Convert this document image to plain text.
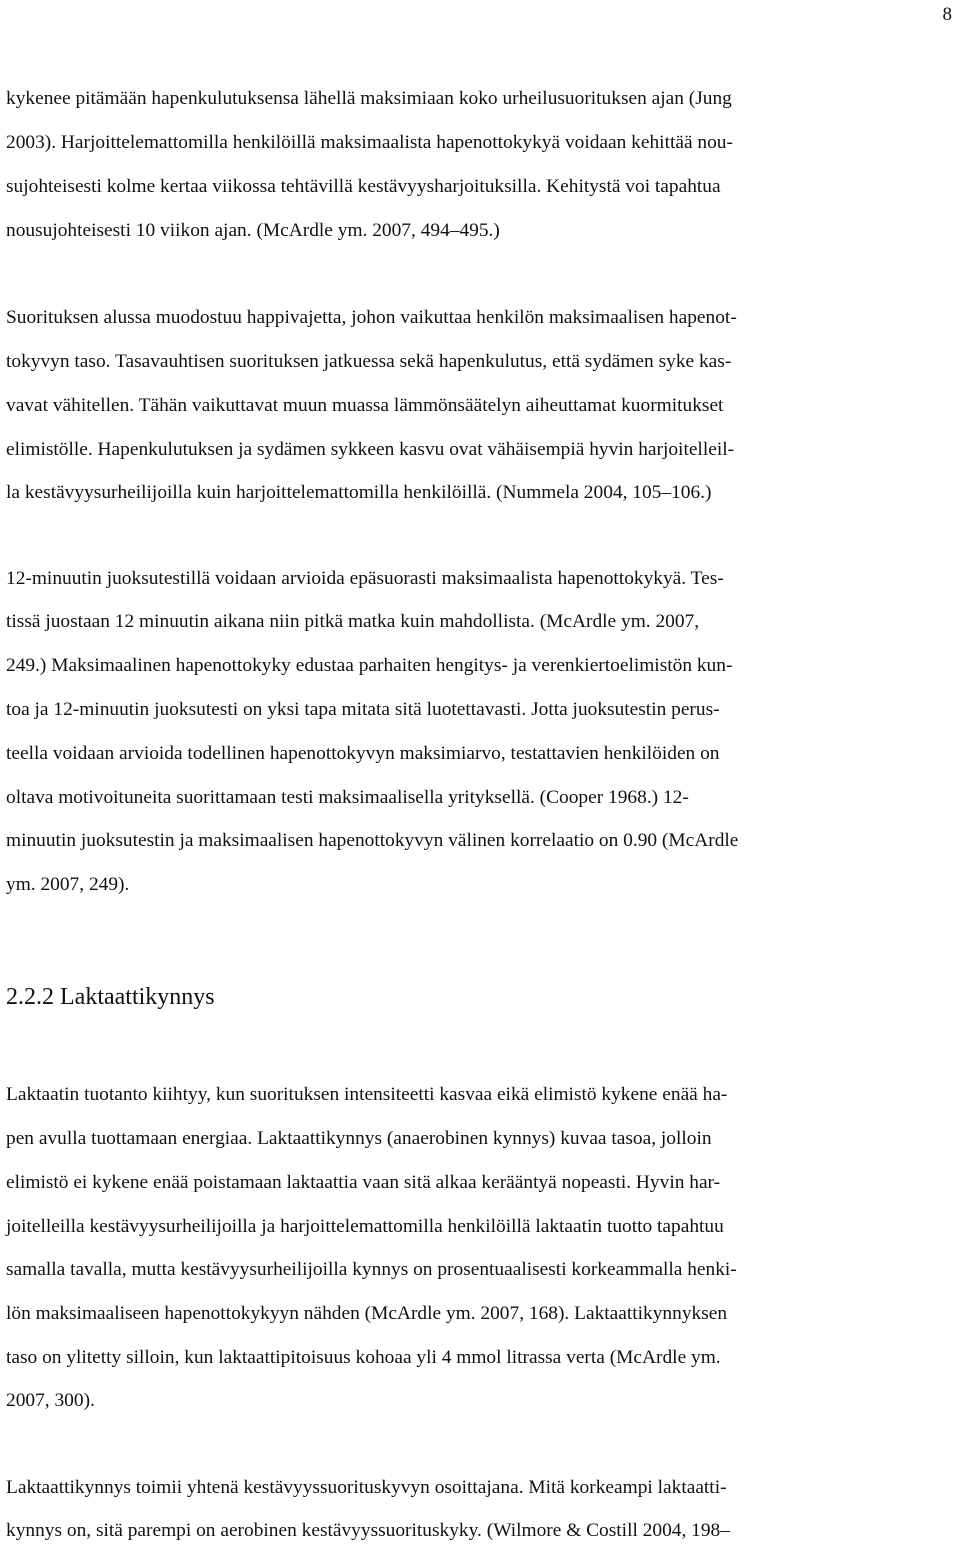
8
kykenee pitämään hapenkulutuksensa lähellä maksimiaan koko urheilusuorituksen ajan (Jung
2003). Harjoittelemattomilla henkilöillä maksimaalista hapenottokykyä voidaan kehittää nou-
sujohteisesti kolme kertaa viikossa tehtävillä kestävyysharjoituksilla. Kehitystä voi tapahtua
nousujohteisesti 10 viikon ajan. (McArdle ym. 2007, 494–495.)
Suorituksen alussa muodostuu happivajetta, johon vaikuttaa henkilön maksimaalisen hapenot-
tokyvyn taso. Tasavauhtisen suorituksen jatkuessa sekä hapenkulutus, että sydämen syke kas-
vavat vähitellen. Tähän vaikuttavat muun muassa lämmönsäätelyn aiheuttamat kuormitukset
elimistölle. Hapenkulutuksen ja sydämen sykkeen kasvu ovat vähäisempiä hyvin harjoitelleil-
la kestävyysurheilijoilla kuin harjoittelemattomilla henkilöillä. (Nummela 2004, 105–106.)
12-minuutin juoksutestillä voidaan arvioida epäsuorasti maksimaalista hapenottokykyä. Tes-
tissä juostaan 12 minuutin aikana niin pitkä matka kuin mahdollista. (McArdle ym. 2007,
249.) Maksimaalinen hapenottokyky edustaa parhaiten hengitys- ja verenkiertoelimistön kun-
toa ja 12-minuutin juoksutesti on yksi tapa mitata sitä luotettavasti. Jotta juoksutestin perus-
teella voidaan arvioida todellinen hapenottokyvyn maksimiarvo, testattavien henkilöiden on
oltava motivoituneita suorittamaan testi maksimaalisella yrityksellä. (Cooper 1968.) 12-
minuutin juoksutestin ja maksimaalisen hapenottokyvyn välinen korrelaatio on 0.90 (McArdle
ym. 2007, 249).
2.2.2 Laktaattikynnys
Laktaatin tuotanto kiihtyy, kun suorituksen intensiteetti kasvaa eikä elimistö kykene enää ha-
pen avulla tuottamaan energiaa. Laktaattikynnys (anaerobinen kynnys) kuvaa tasoa, jolloin
elimistö ei kykene enää poistamaan laktaattia vaan sitä alkaa kerääntyä nopeasti. Hyvin har-
joitelleilla kestävyysurheilijoilla ja harjoittelemattomilla henkilöillä laktaatin tuotto tapahtuu
samalla tavalla, mutta kestävyysurheilijoilla kynnys on prosentuaalisesti korkeammalla henki-
lön maksimaaliseen hapenottokykyyn nähden (McArdle ym. 2007, 168). Laktaattikynnyksen
taso on ylitetty silloin, kun laktaattipitoisuus kohoaa yli 4 mmol litrassa verta (McArdle ym.
2007, 300).
Laktaattikynnys toimii yhtenä kestävyyssuorituskyvyn osoittajana. Mitä korkeampi laktaatti-
kynnys on, sitä parempi on aerobinen kestävyyssuorituskyky. (Wilmore & Costill 2004, 198–
